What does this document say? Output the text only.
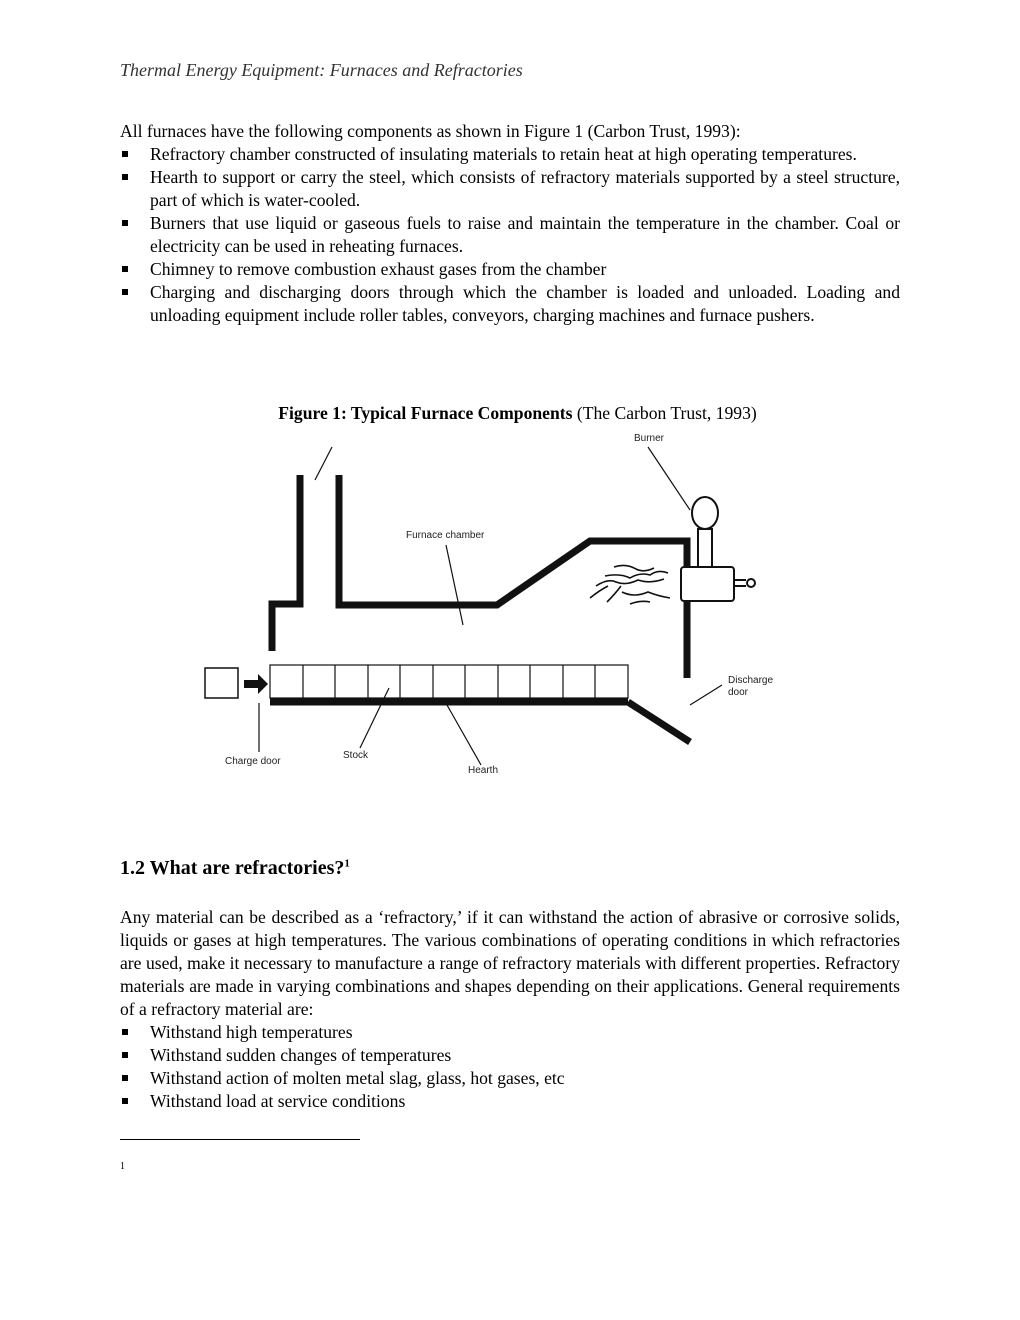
Thermal Energy Equipment: Furnaces and Refractories
All furnaces have the following components as shown in Figure 1 (Carbon Trust, 1993):
Refractory chamber constructed of insulating materials to retain heat at high operating temperatures.
Hearth to support or carry the steel, which consists of refractory materials supported by a steel structure, part of which is water-cooled.
Burners that use liquid or gaseous fuels to raise and maintain the temperature in the chamber. Coal or electricity can be used in reheating furnaces.
Chimney to remove combustion exhaust gases from the chamber
Charging and discharging doors through which the chamber is loaded and unloaded. Loading and unloading equipment include roller tables, conveyors, charging machines and furnace pushers.
Figure 1: Typical Furnace Components (The Carbon Trust, 1993)
Burner
Furnace chamber
Discharge
door
Charge door
Stock
Hearth
1.2 What are refractories?$^1$
Any material can be described as a ‘refractory,’ if it can withstand the action of abrasive or corrosive solids, liquids or gases at high temperatures. The various combinations of operating conditions in which refractories are used, make it necessary to manufacture a range of refractory materials with different properties. Refractory materials are made in varying combinations and shapes depending on their applications. General requirements of a refractory material are:
Withstand high temperatures
Withstand sudden changes of temperatures
Withstand action of molten metal slag, glass, hot gases, etc
Withstand load at service conditions
1
